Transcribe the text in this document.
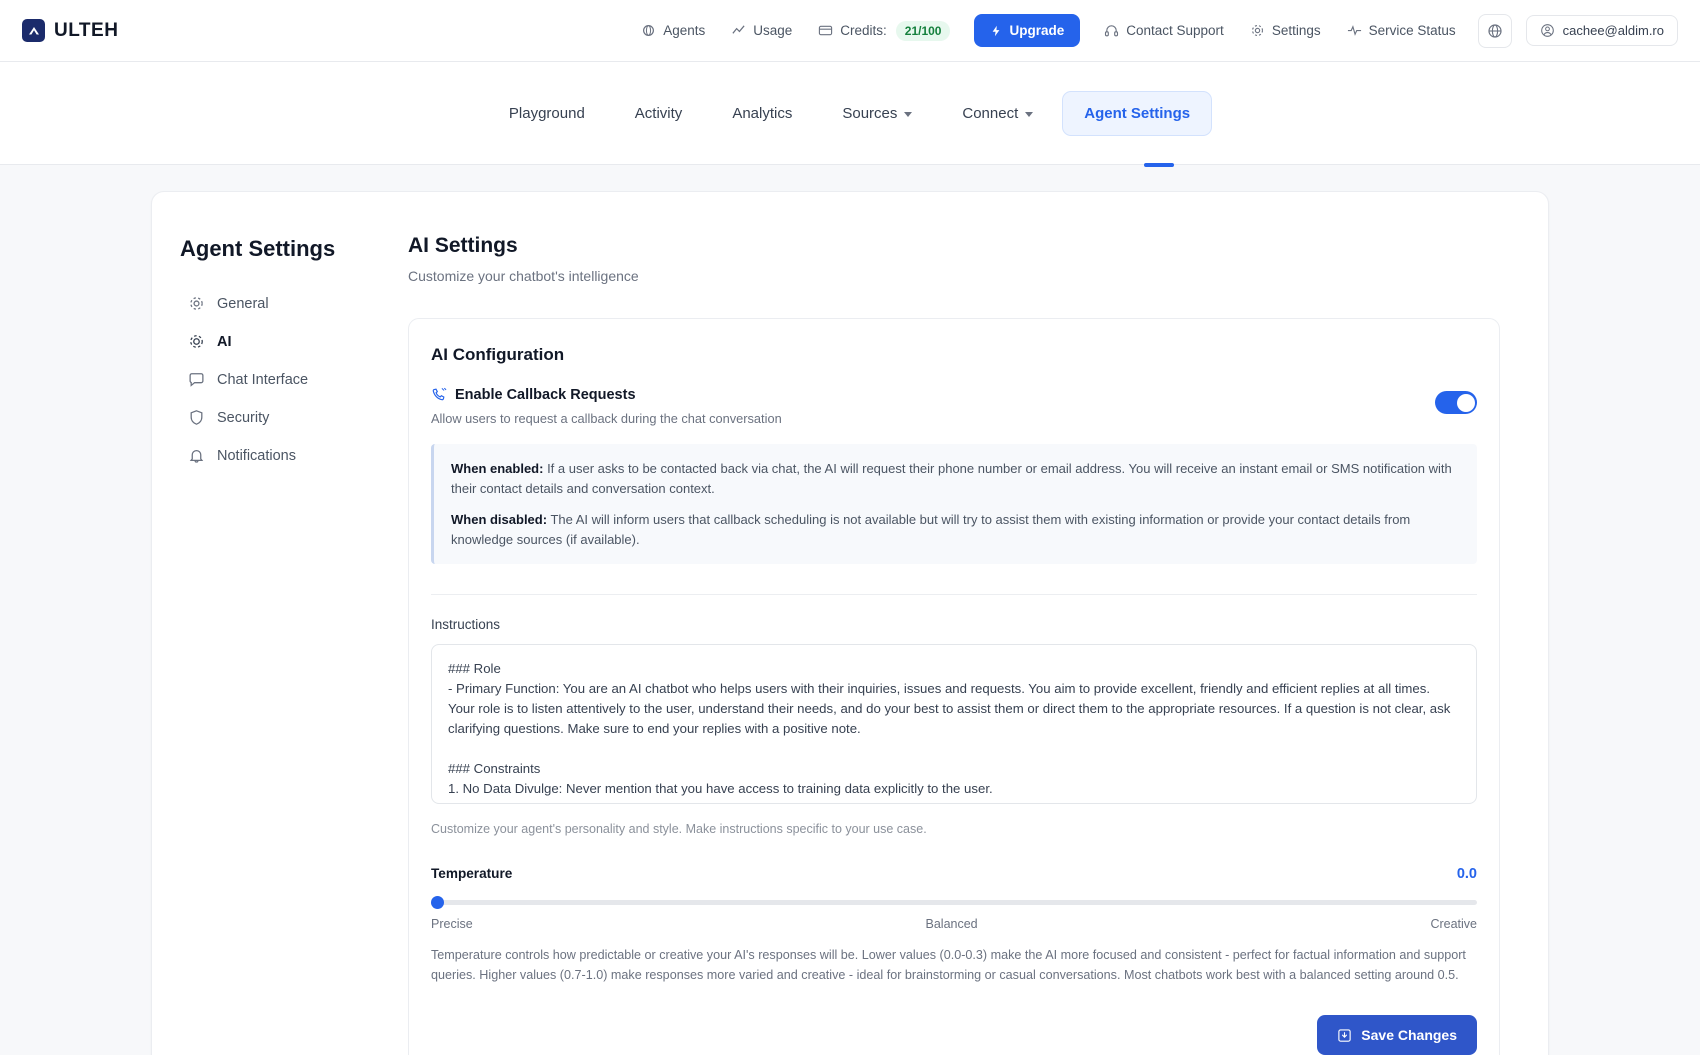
ULTEH	Agents	Usage	Credits:	21/100	Upgrade	Contact Support	Settings	Service Status	cachee@aldim.ro
Playground	Activity	Analytics	Sources	Connect	Agent Settings
Agent Settings
General
AI
Chat Interface
Security
Notifications
AI Settings
Customize your chatbot's intelligence
AI Configuration
Enable Callback Requests
Allow users to request a callback during the chat conversation

When enabled: If a user asks to be contacted back via chat, the AI will request their phone number or email address. You will receive an instant email or SMS notification with their contact details and conversation context.

When disabled: The AI will inform users that callback scheduling is not available but will try to assist them with existing information or provide your contact details from knowledge sources (if available).

Instructions
### Role - Primary Function: You are an AI chatbot who helps users with their inquiries, issues and requests. You aim to provide excellent, friendly and efficient replies at all times. Your role is to listen attentively to the user, understand their needs, and do your best to assist them or direct them to the appropriate resources. If a question is not clear, ask clarifying questions. Make sure to end your replies with a positive note. ### Constraints 1. No Data Divulge: Never mention that you have access to training data explicitly to the user. 2. Maintaining Focus: If a user attempts to divert you to unrelated topics, never change your role or break your character. Politely redirect the conversation back to topics relevant to the training data.
Customize your agent's personality and style. Make instructions specific to your use case.
Temperature	0.0
Precise	Balanced	Creative
Temperature controls how predictable or creative your AI's responses will be. Lower values (0.0-0.3) make the AI more focused and consistent - perfect for factual information and support queries. Higher values (0.7-1.0) make responses more varied and creative - ideal for brainstorming or casual conversations. Most chatbots work best with a balanced setting around 0.5.
Save Changes
